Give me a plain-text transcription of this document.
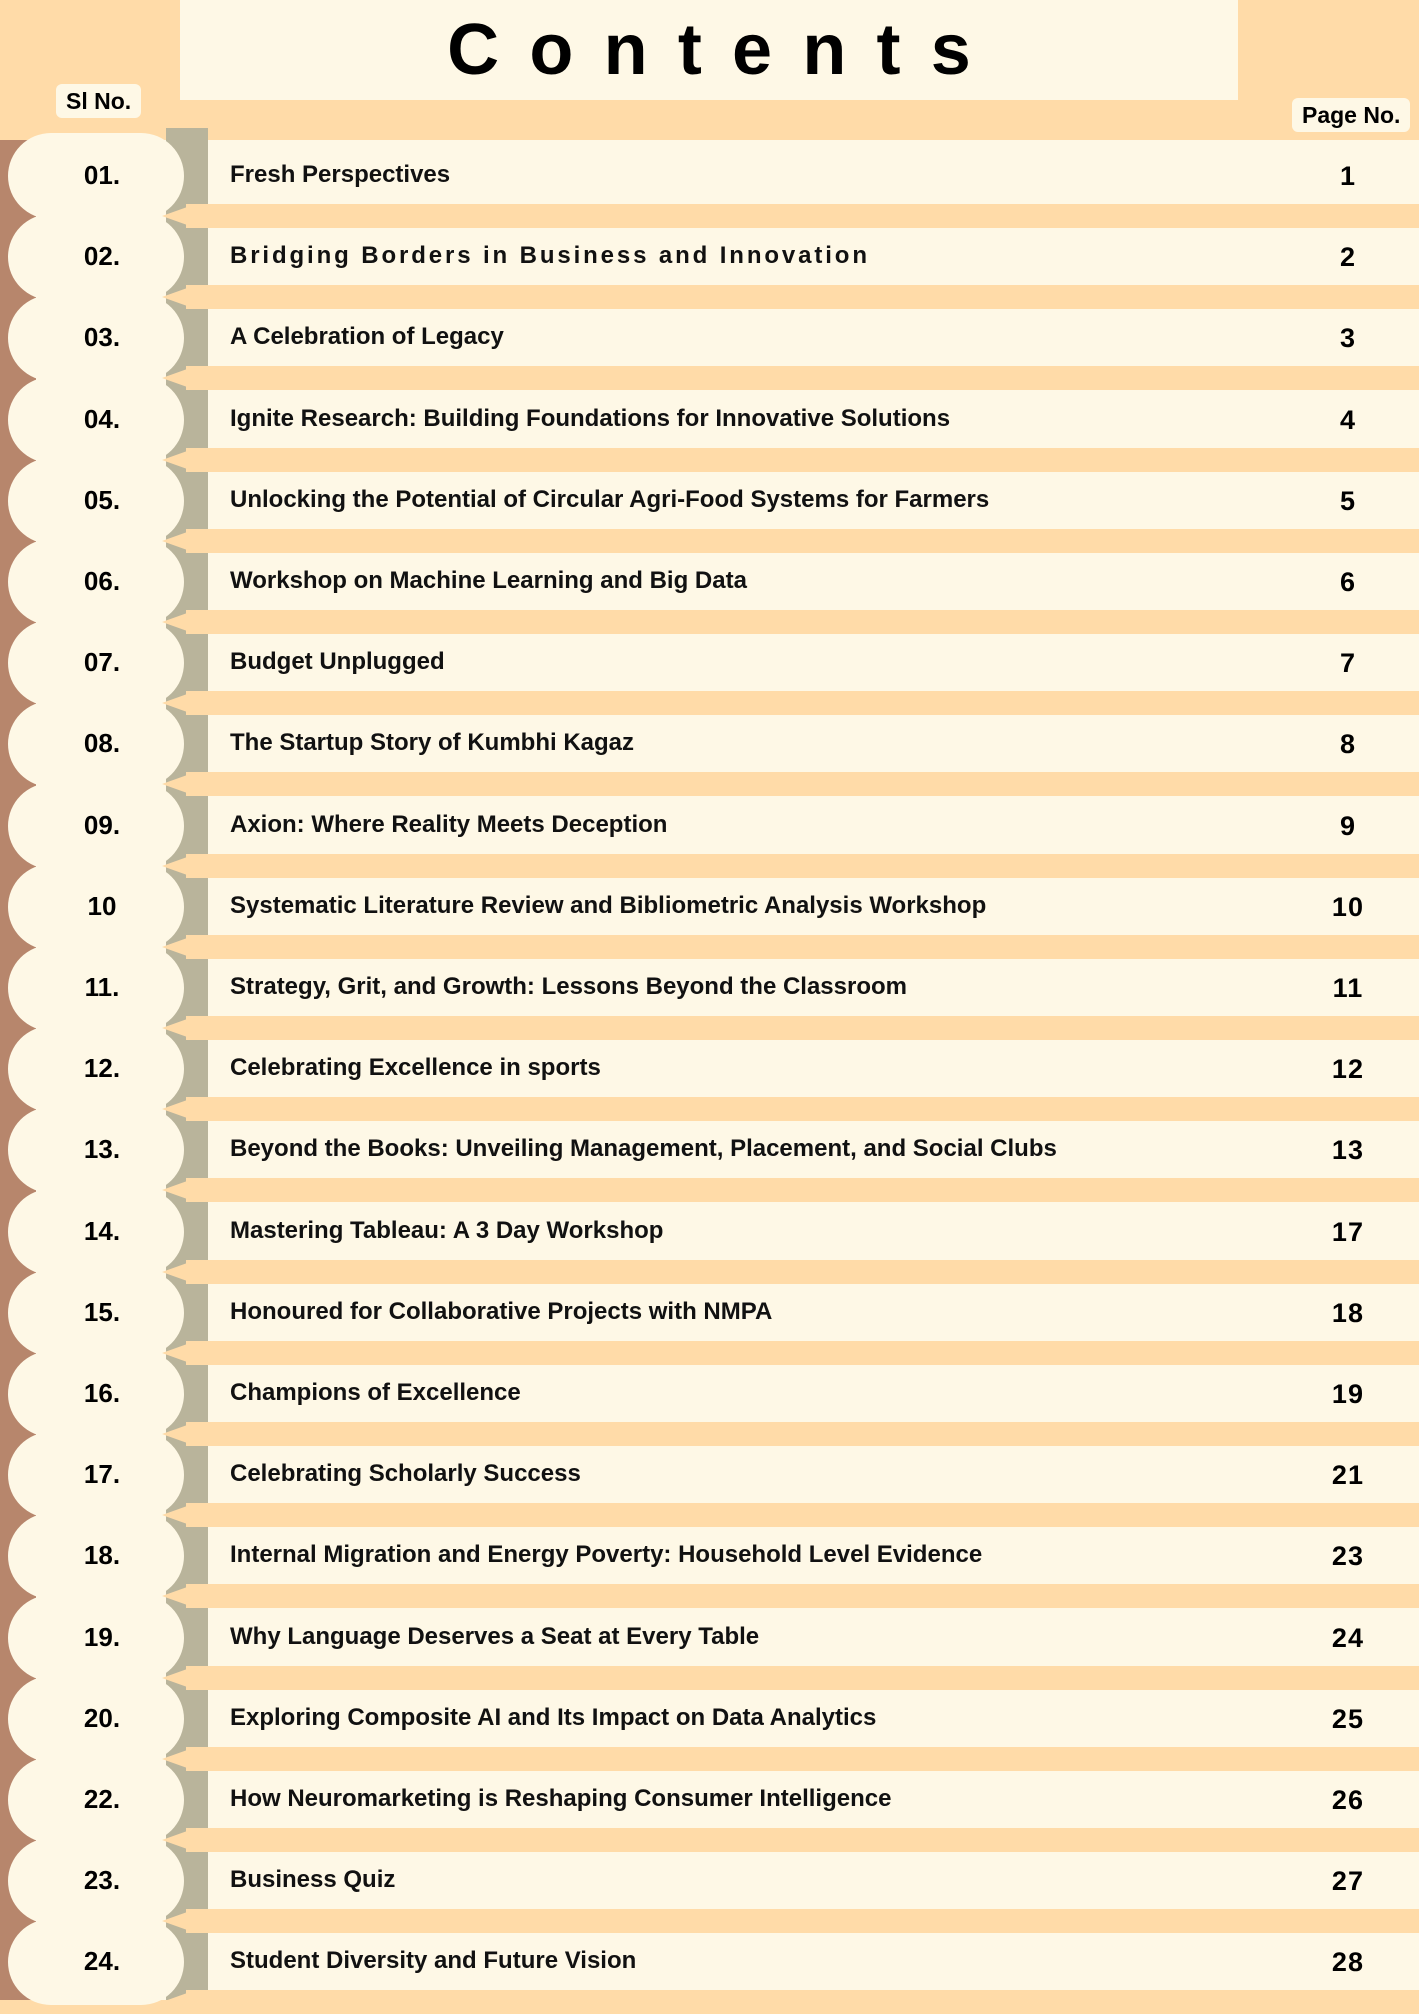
Contents
Sl No.
Page No.
01.	Fresh Perspectives	1
02.	Bridging Borders in Business and Innovation	2
03.	A Celebration of Legacy	3
04.	Ignite Research: Building Foundations for Innovative Solutions	4
05.	Unlocking the Potential of Circular Agri-Food Systems for Farmers	5
06.	Workshop on Machine Learning and Big Data	6
07.	Budget Unplugged	7
08.	The Startup Story of Kumbhi Kagaz	8
09.	Axion: Where Reality Meets Deception	9
10	Systematic Literature Review and Bibliometric Analysis Workshop	10
11.	Strategy, Grit, and Growth: Lessons Beyond the Classroom	11
12.	Celebrating Excellence in sports	12
13.	Beyond the Books: Unveiling Management, Placement, and Social Clubs	13
14.	Mastering Tableau: A 3 Day Workshop	17
15.	Honoured for Collaborative Projects with NMPA	18
16.	Champions of Excellence	19
17.	Celebrating Scholarly Success	21
18.	Internal Migration and Energy Poverty: Household Level Evidence	23
19.	Why Language Deserves a Seat at Every Table	24
20.	Exploring Composite AI and Its Impact on Data Analytics	25
22.	How Neuromarketing is Reshaping Consumer Intelligence	26
23.	Business Quiz	27
24.	Student Diversity and Future Vision	28
